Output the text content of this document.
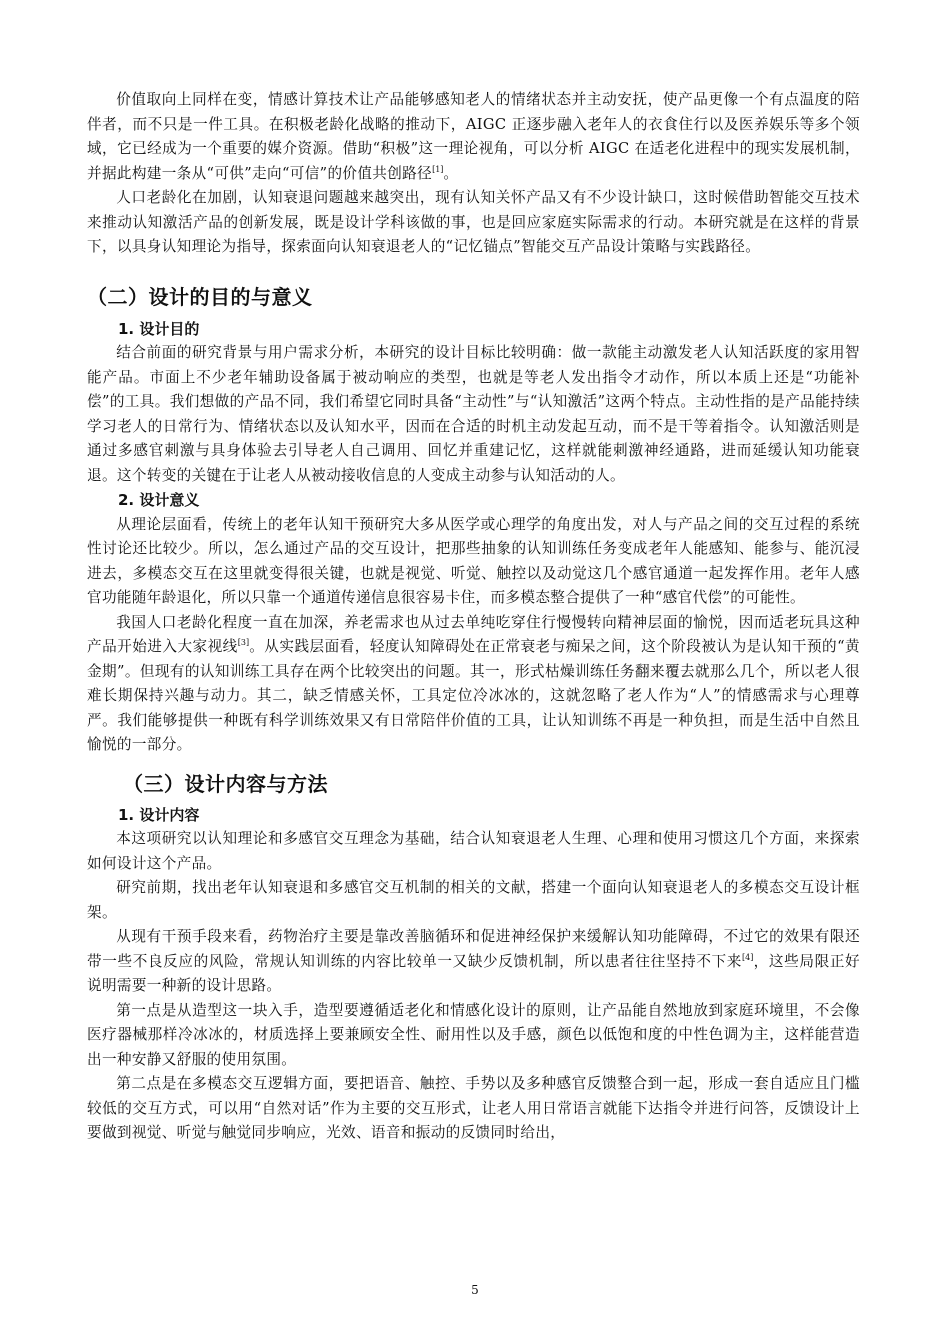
价值取向上同样在变，情感计算技术让产品能够感知老人的情绪状态并主动安抚，使产品更像一个有点温度的陪伴者，而不只是一件工具。在积极老龄化战略的推动下，AIGC 正逐步融入老年人的衣食住行以及医养娱乐等多个领域，它已经成为一个重要的媒介资源。借助“积极”这一理论视角，可以分析 AIGC 在适老化进程中的现实发展机制，并据此构建一条从“可供”走向“可信”的价值共创路径[1]。

人口老龄化在加剧，认知衰退问题越来越突出，现有认知关怀产品又有不少设计缺口，这时候借助智能交互技术来推动认知激活产品的创新发展，既是设计学科该做的事，也是回应家庭实际需求的行动。本研究就是在这样的背景下，以具身认知理论为指导，探索面向认知衰退老人的“记忆锚点”智能交互产品设计策略与实践路径。

（二）设计的目的与意义
1. 设计目的

结合前面的研究背景与用户需求分析，本研究的设计目标比较明确：做一款能主动激发老人认知活跃度的家用智能产品。市面上不少老年辅助设备属于被动响应的类型，也就是等老人发出指令才动作，所以本质上还是“功能补偿”的工具。我们想做的产品不同，我们希望它同时具备“主动性”与“认知激活”这两个特点。主动性指的是产品能持续学习老人的日常行为、情绪状态以及认知水平，因而在合适的时机主动发起互动，而不是干等着指令。认知激活则是通过多感官刺激与具身体验去引导老人自己调用、回忆并重建记忆，这样就能刺激神经通路，进而延缓认知功能衰退。这个转变的关键在于让老人从被动接收信息的人变成主动参与认知活动的人。

2. 设计意义

从理论层面看，传统上的老年认知干预研究大多从医学或心理学的角度出发，对人与产品之间的交互过程的系统性讨论还比较少。所以，怎么通过产品的交互设计，把那些抽象的认知训练任务变成老年人能感知、能参与、能沉浸进去，多模态交互在这里就变得很关键，也就是视觉、听觉、触控以及动觉这几个感官通道一起发挥作用。老年人感官功能随年龄退化，所以只靠一个通道传递信息很容易卡住，而多模态整合提供了一种“感官代偿”的可能性。

我国人口老龄化程度一直在加深，养老需求也从过去单纯吃穿住行慢慢转向精神层面的愉悦，因而适老玩具这种产品开始进入大家视线[3]。从实践层面看，轻度认知障碍处在正常衰老与痴呆之间，这个阶段被认为是认知干预的“黄金期”。但现有的认知训练工具存在两个比较突出的问题。其一，形式枯燥训练任务翻来覆去就那么几个，所以老人很难长期保持兴趣与动力。其二，缺乏情感关怀，工具定位冷冰冰的，这就忽略了老人作为“人”的情感需求与心理尊严。我们能够提供一种既有科学训练效果又有日常陪伴价值的工具，让认知训练不再是一种负担，而是生活中自然且愉悦的一部分。

（三）设计内容与方法
1. 设计内容

本这项研究以认知理论和多感官交互理念为基础，结合认知衰退老人生理、心理和使用习惯这几个方面，来探索如何设计这个产品。

研究前期，找出老年认知衰退和多感官交互机制的相关的文献，搭建一个面向认知衰退老人的多模态交互设计框架。

从现有干预手段来看，药物治疗主要是靠改善脑循环和促进神经保护来缓解认知功能障碍，不过它的效果有限还带一些不良反应的风险，常规认知训练的内容比较单一又缺少反馈机制，所以患者往往坚持不下来[4]，这些局限正好说明需要一种新的设计思路。

第一点是从造型这一块入手，造型要遵循适老化和情感化设计的原则，让产品能自然地放到家庭环境里，不会像医疗器械那样冷冰冰的，材质选择上要兼顾安全性、耐用性以及手感，颜色以低饱和度的中性色调为主，这样能营造出一种安静又舒服的使用氛围。

第二点是在多模态交互逻辑方面，要把语音、触控、手势以及多种感官反馈整合到一起，形成一套自适应且门槛较低的交互方式，可以用“自然对话”作为主要的交互形式，让老人用日常语言就能下达指令并进行问答，反馈设计上要做到视觉、听觉与触觉同步响应，光效、语音和振动的反馈同时给出，

5
